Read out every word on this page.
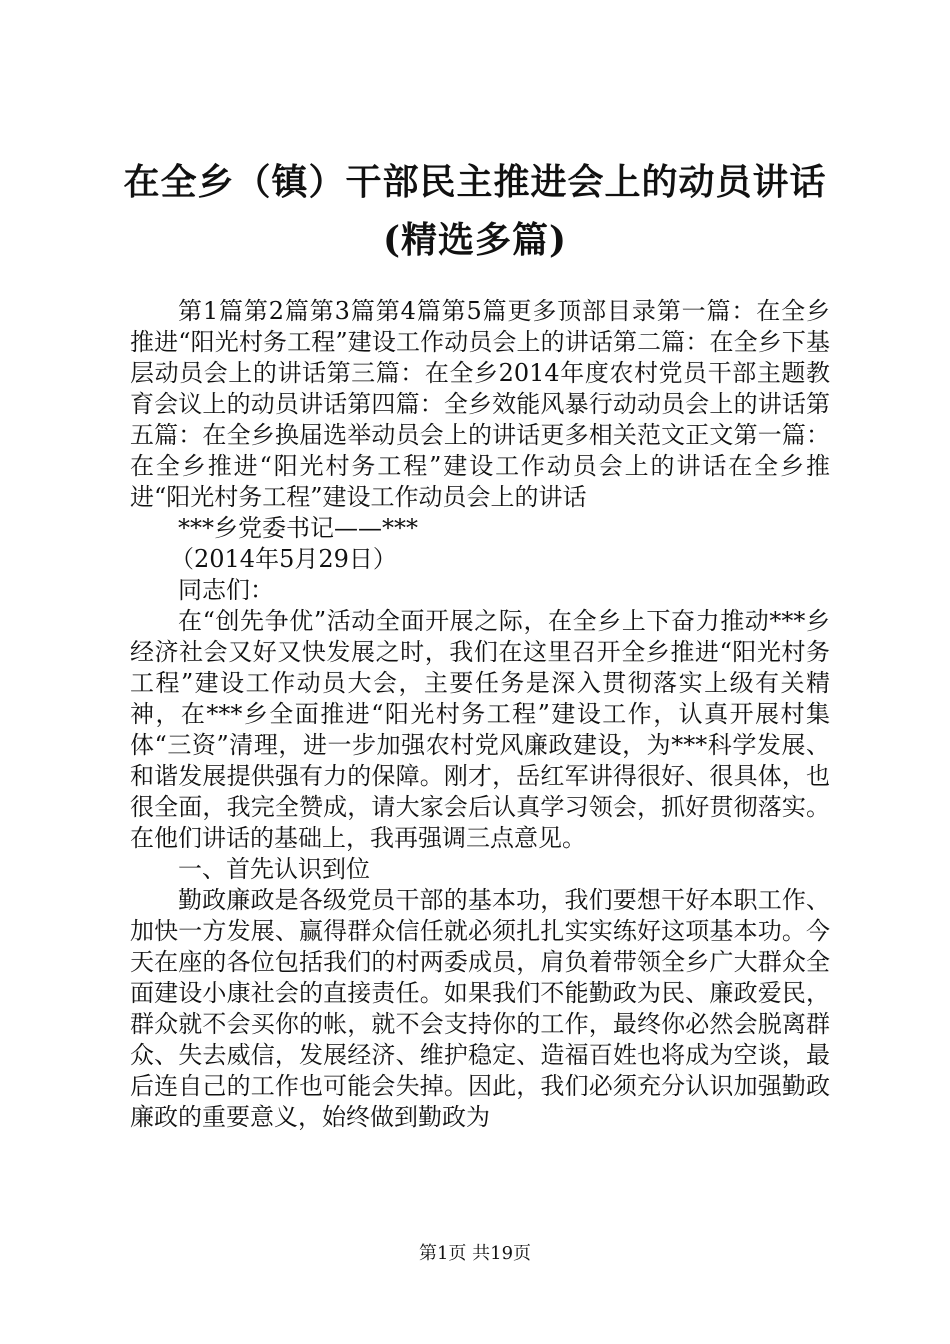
在全乡（镇）干部民主推进会上的动员讲话
(精选多篇)

第1篇第2篇第3篇第4篇第5篇更多顶部目录第一篇：在全乡推进“阳光村务工程”建设工作动员会上的讲话第二篇：在全乡下基层动员会上的讲话第三篇：在全乡2014年度农村党员干部主题教育会议上的动员讲话第四篇：全乡效能风暴行动动员会上的讲话第五篇：在全乡换届选举动员会上的讲话更多相关范文正文第一篇：在全乡推进“阳光村务工程”建设工作动员会上的讲话在全乡推进“阳光村务工程”建设工作动员会上的讲话

***乡党委书记——***

（2014年5月29日）

同志们：

在“创先争优”活动全面开展之际，在全乡上下奋力推动***乡经济社会又好又快发展之时，我们在这里召开全乡推进“阳光村务工程”建设工作动员大会，主要任务是深入贯彻落实上级有关精神，在***乡全面推进“阳光村务工程”建设工作，认真开展村集体“三资”清理，进一步加强农村党风廉政建设，为***科学发展、和谐发展提供强有力的保障。刚才，岳红军讲得很好、很具体，也很全面，我完全赞成，请大家会后认真学习领会，抓好贯彻落实。在他们讲话的基础上，我再强调三点意见。

一、首先认识到位

勤政廉政是各级党员干部的基本功，我们要想干好本职工作、加快一方发展、赢得群众信任就必须扎扎实实练好这项基本功。今天在座的各位包括我们的村两委成员，肩负着带领全乡广大群众全面建设小康社会的直接责任。如果我们不能勤政为民、廉政爱民，群众就不会买你的帐，就不会支持你的工作，最终你必然会脱离群众、失去威信，发展经济、维护稳定、造福百姓也将成为空谈，最后连自己的工作也可能会失掉。因此，我们必须充分认识加强勤政廉政的重要意义，始终做到勤政为

第1页 共19页
